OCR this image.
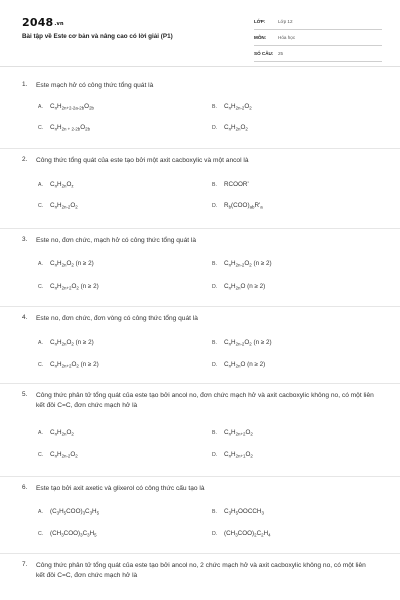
2048.vn
Bài tập về Este cơ bản và nâng cao có lời giải (P1)
LỚP:	Lớp 12
MÔN:	Hóa học
SỐ CÂU: 25
1. Este mạch hở có công thức tổng quát là
A. $C_nH_{2n+2-2a-2b}O_{2b}$	B. $C_nH_{2n-2}O_2$
C. $C_nH_{2n + 2-2b}O_{2b}$	D. $C_nH_{2n}O_2$
2. Công thức tổng quát của este tạo bởi một axit cacboxylic và một ancol là
A. $C_nH_{2n}O_z$	B. RCOOR'
C. $C_nH_{2n-2}O_2$	D. $R_b(COO)_{ab}R'_a$
3. Este no, đơn chức, mạch hở có công thức tổng quát là
A. $C_nH_{2n}O_2$ (n ≥ 2)	B. $C_nH_{2n-2}O_2$ (n ≥ 2)
C. $C_nH_{2n+2}O_2$ (n ≥ 2)	D. $C_nH_{2n}O$ (n ≥ 2)
4. Este no, đơn chức, đơn vòng có công thức tổng quát là
A. $C_nH_{2n}O_2$ (n ≥ 2)	B. $C_nH_{2n-2}O_2$ (n ≥ 2)
C. $C_nH_{2n+2}O_2$ (n ≥ 2)	D. $C_nH_{2n}O$ (n ≥ 2)
5. Công thức phân tử tổng quát của este tạo bởi ancol no, đơn chức mạch hở và axit cacboxylic không no, có một liên kết đôi C=C, đơn chức mạch hở là
A. $C_nH_{2n}O_2$	B. $C_nH_{2n+2}O_2$
C. $C_nH_{2n-2}O_2$	D. $C_nH_{2n+1}O_2$
6. Este tạo bởi axit axetic và glixerol có công thức cấu tạo là
A. $(C_3H_5COO)_3C_3H_5$	B. $C_3H_5OOCCH_3$
C. $(CH_3COO)_3C_3H_5$	D. $(CH_3COO)_2C_2H_4$
7. Công thức phân tử tổng quát của este tạo bởi ancol no, 2 chức mạch hở và axit cacboxylic không no, có một liên kết đôi C=C, đơn chức mạch hở là
